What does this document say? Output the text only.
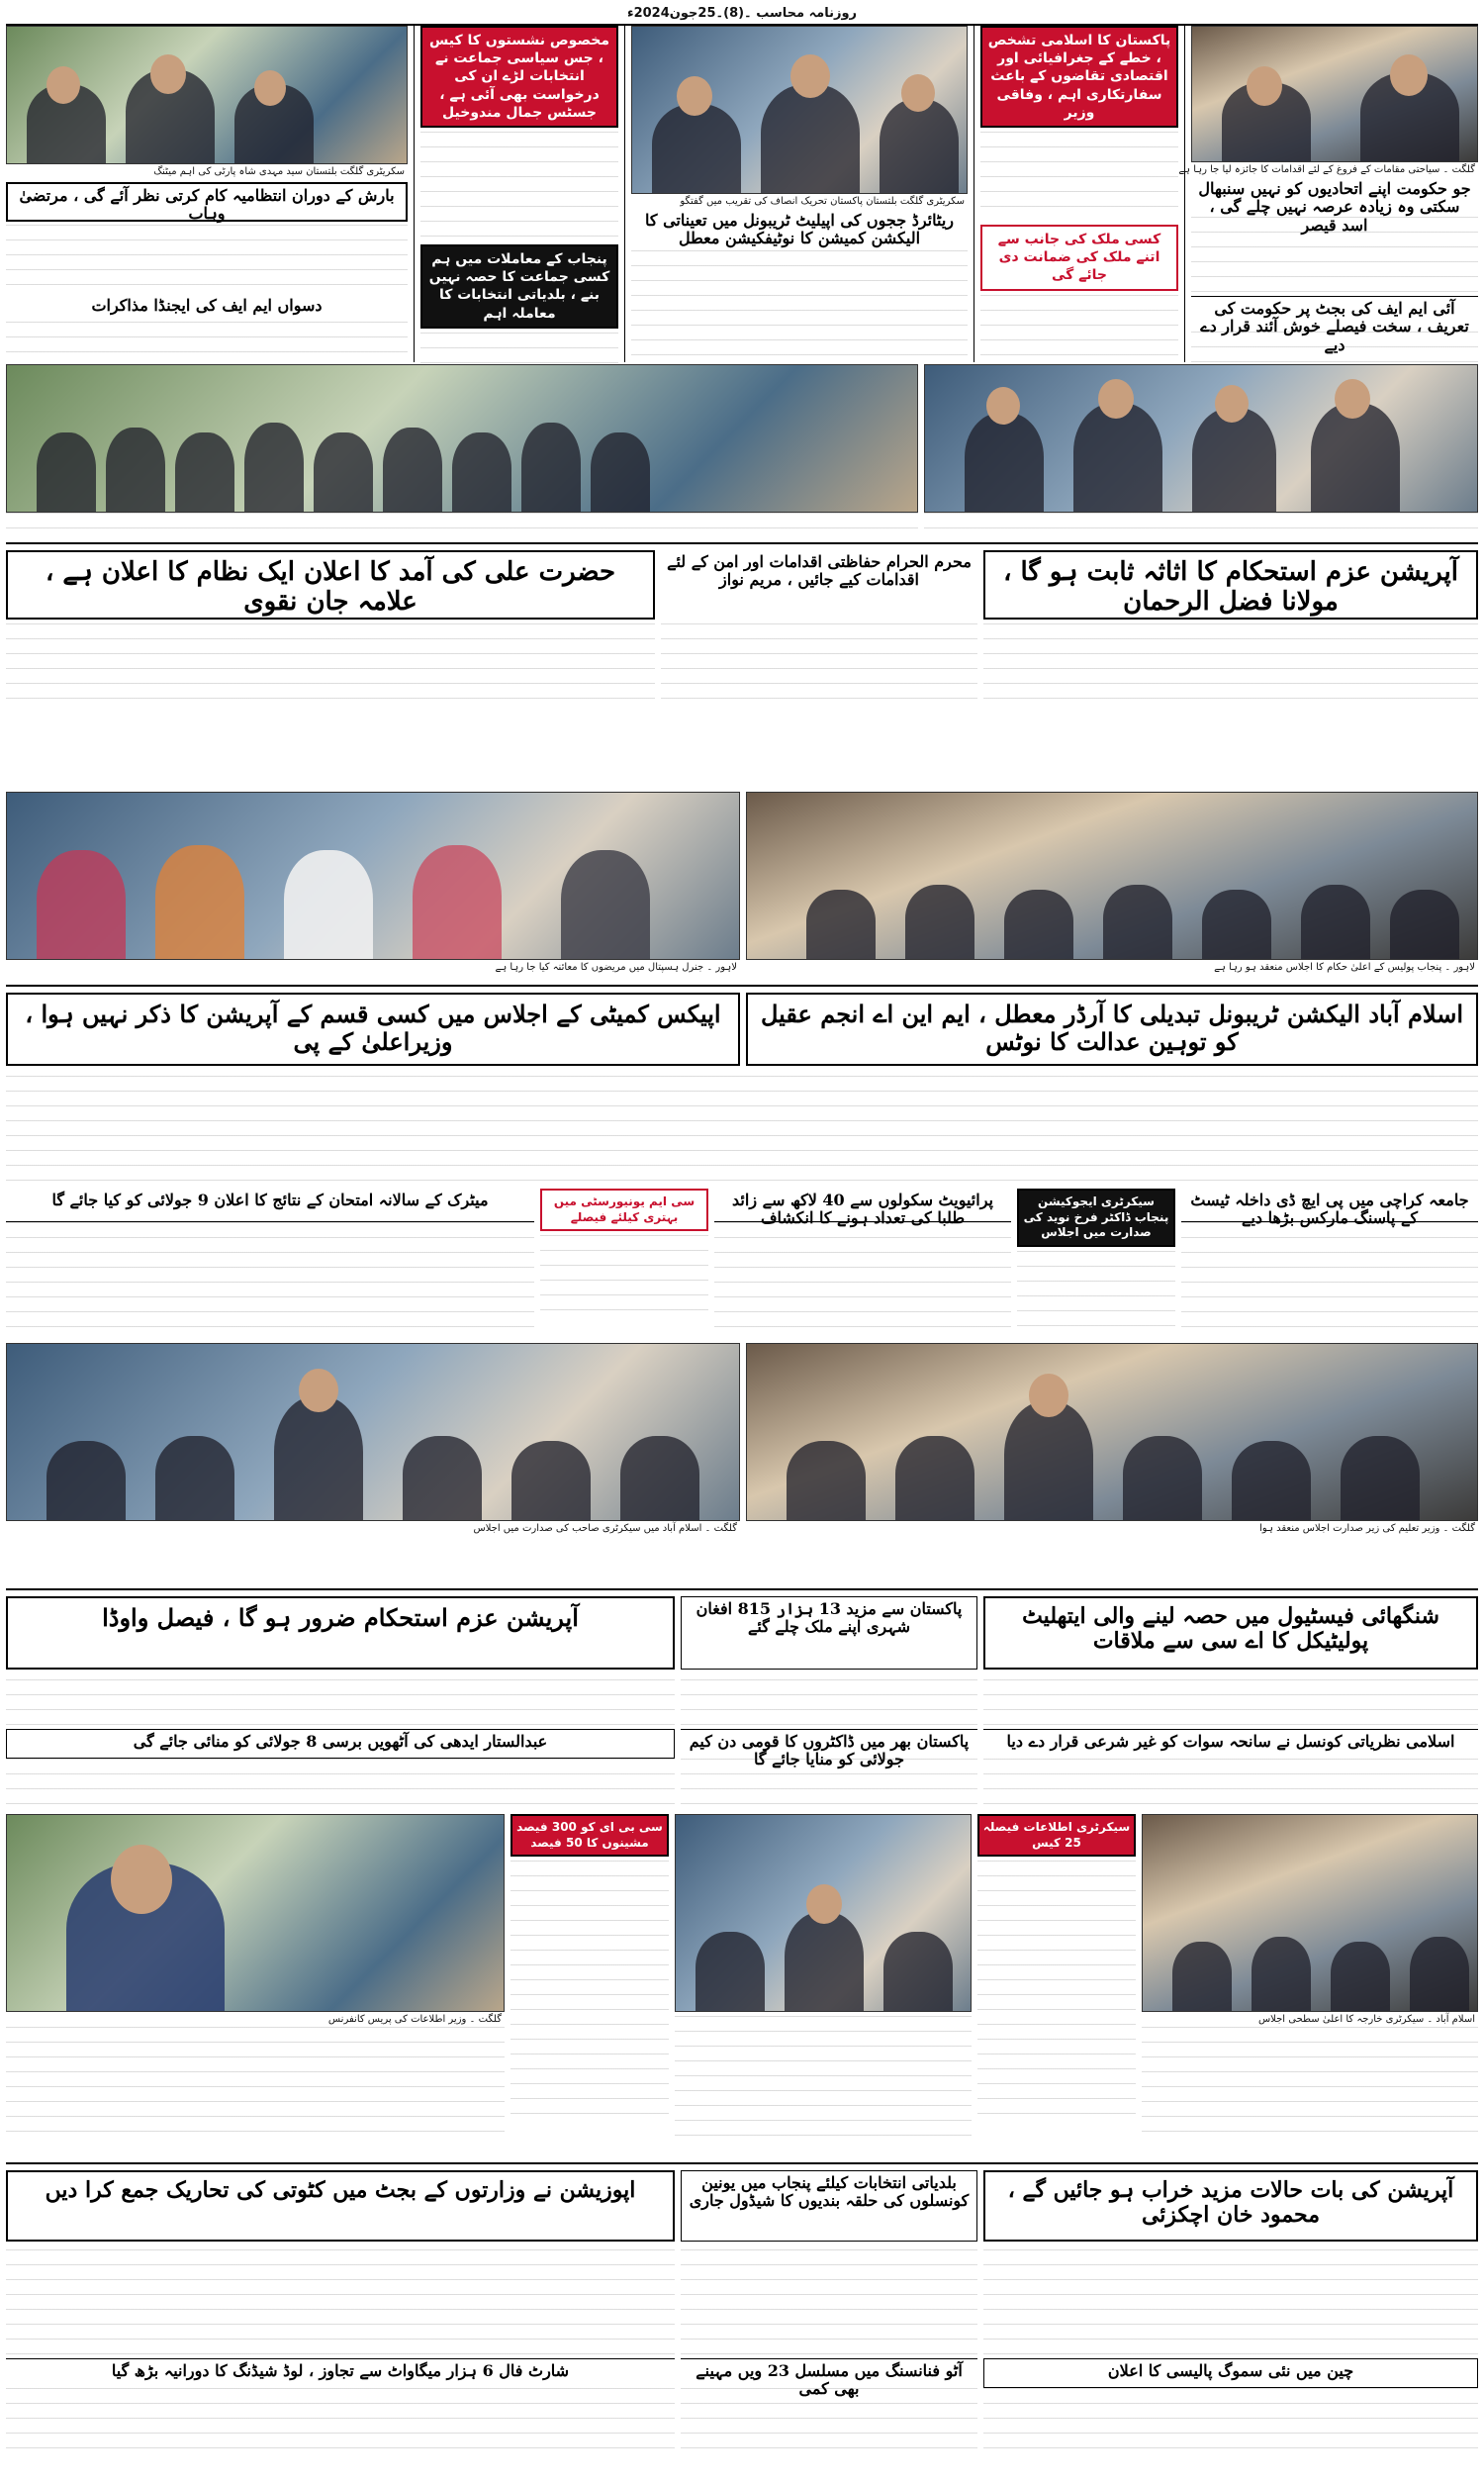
روزنامہ محاسب ۔(8)۔25جون2024ء
گلگت ۔ سیاحتی مقامات کے فروغ کے لئے اقدامات کا جائزہ لیا جا رہا ہے
جو حکومت اپنے اتحادیوں کو نہیں سنبھال سکتی وہ زیادہ عرصہ نہیں چلے گی ، اسد قیصر
آئی ایم ایف کی بجٹ پر حکومت کی تعریف ، سخت فیصلے خوش آئند قرار دے دیے
پاکستان کا اسلامی تشخص ، خطے کے جغرافیائی اور اقتصادی تقاضوں کے باعث سفارتکاری اہم ، وفاقی وزیر
کسی ملک کی جانب سے اتنے ملک کی ضمانت دی جائے گی
سکریٹری گلگت بلتستان پاکستان تحریک انصاف کی تقریب میں گفتگو
ریٹائرڈ ججوں کی اپیلیٹ ٹریبونل میں تعیناتی کا الیکشن کمیشن کا نوٹیفکیشن معطل
مخصوص نشستوں کا کیس ، جس سیاسی جماعت نے انتخابات لڑے ان کی درخواست بھی آئی ہے ، جسٹس جمال مندوخیل
پنجاب کے معاملات میں ہم کسی جماعت کا حصہ نہیں بنے ، بلدیاتی انتخابات کا معاملہ اہم
سکریٹری گلگت بلتستان سید مہدی شاہ پارٹی کی اہم میٹنگ
بارش کے دوران انتظامیہ کام کرتی نظر آئے گی ، مرتضیٰ وہاب
دسواں ایم ایف کی ایجنڈا مذاکرات
آپریشن عزم استحکام کا اثاثہ ثابت ہو گا ، مولانا فضل الرحمان
محرم الحرام حفاظتی اقدامات اور امن کے لئے اقدامات کیے جائیں ، مریم نواز
حضرت علی کی آمد کا اعلان ایک نظام کا اعلان ہے ، علامہ جان نقوی
لاہور ۔ پنجاب پولیس کے اعلیٰ حکام کا اجلاس منعقد ہو رہا ہے
لاہور ۔ جنرل ہسپتال میں مریضوں کا معائنہ کیا جا رہا ہے
اسلام آباد الیکشن ٹریبونل تبدیلی کا آرڈر معطل ، ایم این اے انجم عقیل کو توہین عدالت کا نوٹس
اپیکس کمیٹی کے اجلاس میں کسی قسم کے آپریشن کا ذکر نہیں ہوا ، وزیراعلیٰ کے پی
جامعہ کراچی میں پی ایچ ڈی داخلہ ٹیسٹ کے پاسنگ مارکس بڑھا دیے
سیکرٹری ایجوکیشن پنجاب ڈاکٹر فرخ نوید کی صدارت میں اجلاس
پرائیویٹ سکولوں سے 40 لاکھ سے زائد طلبا کی تعداد ہونے کا انکشاف
سی ایم یونیورسٹی میں بہتری کیلئے فیصلے
میٹرک کے سالانہ امتحان کے نتائج کا اعلان 9 جولائی کو کیا جائے گا
گلگت ۔ وزیر تعلیم کی زیر صدارت اجلاس منعقد ہوا
گلگت ۔ اسلام آباد میں سیکرٹری صاحب کی صدارت میں اجلاس
شنگھائی فیسٹیول میں حصہ لینے والی ایتھلیٹ پولیٹیکل کا اے سی سے ملاقات
پاکستان سے مزید 13 ہزار 815 افغان شہری اپنے ملک چلے گئے
آپریشن عزم استحکام ضرور ہو گا ، فیصل واوڈا
اسلامی نظریاتی کونسل نے سانحہ سوات کو غیر شرعی قرار دے دیا
پاکستان بھر میں ڈاکٹروں کا قومی دن کیم جولائی کو منایا جائے گا
عبدالستار ایدھی کی آٹھویں برسی 8 جولائی کو منائی جائے گی
اسلام آباد ۔ سیکرٹری خارجہ کا اعلیٰ سطحی اجلاس
سیکرٹری اطلاعات فیصلہ 25 کیس
سی بی ای کو 300 فیصد مشینوں کا 50 فیصد
گلگت ۔ وزیر اطلاعات کی پریس کانفرنس
آپریشن کی بات حالات مزید خراب ہو جائیں گے ، محمود خان اچکزئی
بلدیاتی انتخابات کیلئے پنجاب میں یونین کونسلوں کی حلقہ بندیوں کا شیڈول جاری
اپوزیشن نے وزارتوں کے بجٹ میں کٹوتی کی تحاریک جمع کرا دیں
چین میں نئی سموگ پالیسی کا اعلان
آٹو فنانسنگ میں مسلسل 23 ویں مہینے بھی کمی
شارٹ فال 6 ہزار میگاواٹ سے تجاوز ، لوڈ شیڈنگ کا دورانیہ بڑھ گیا
